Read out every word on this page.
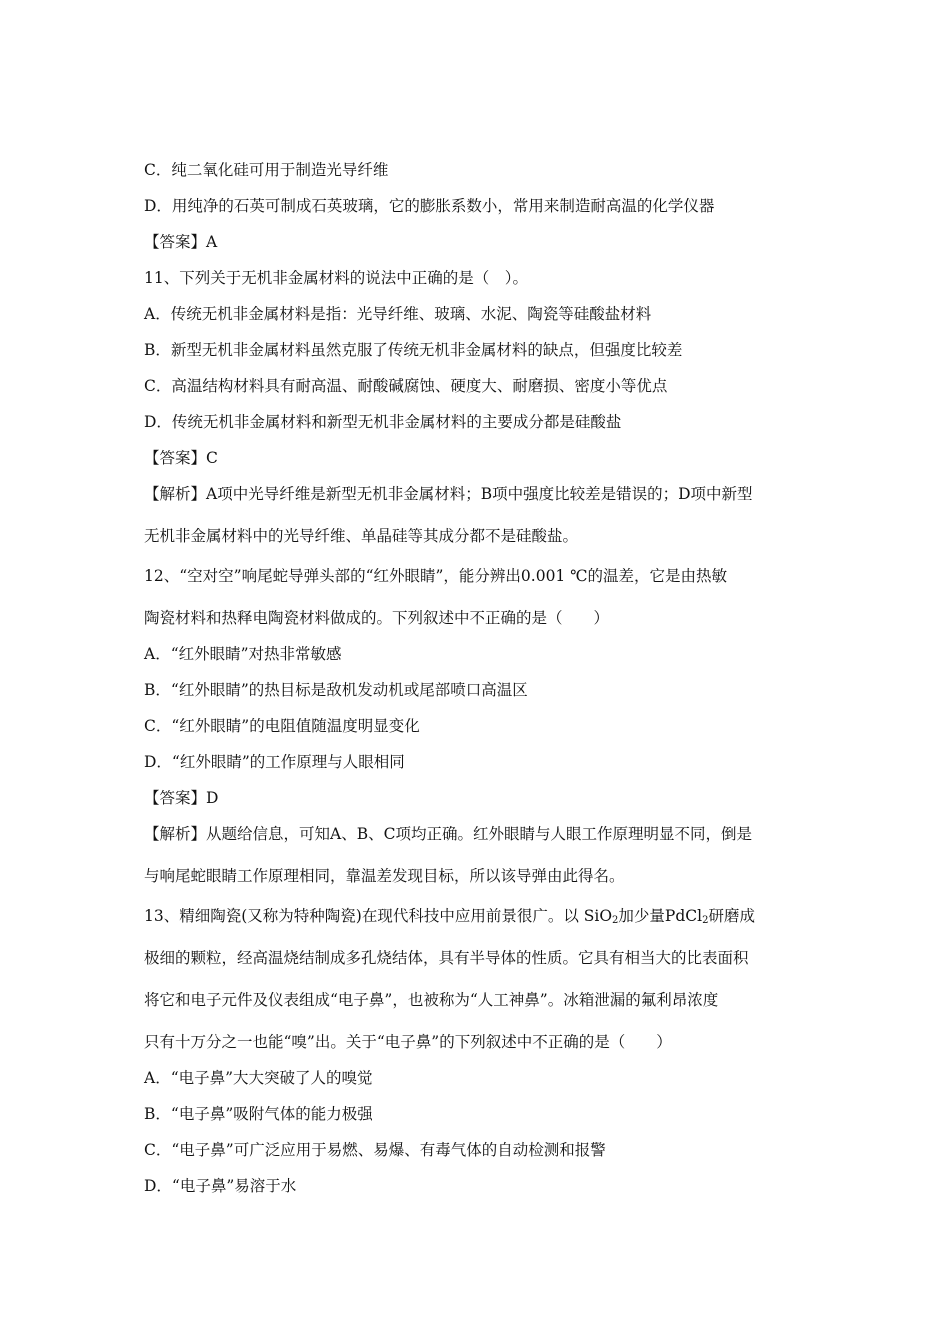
C．纯二氧化硅可用于制造光导纤维

D．用纯净的石英可制成石英玻璃，它的膨胀系数小，常用来制造耐高温的化学仪器

【答案】A

11、下列关于无机非金属材料的说法中正确的是（　）。

A．传统无机非金属材料是指：光导纤维、玻璃、水泥、陶瓷等硅酸盐材料

B．新型无机非金属材料虽然克服了传统无机非金属材料的缺点，但强度比较差

C．高温结构材料具有耐高温、耐酸碱腐蚀、硬度大、耐磨损、密度小等优点

D．传统无机非金属材料和新型无机非金属材料的主要成分都是硅酸盐

【答案】C

【解析】A项中光导纤维是新型无机非金属材料；B项中强度比较差是错误的；D项中新型

无机非金属材料中的光导纤维、单晶硅等其成分都不是硅酸盐。

12、“空对空”响尾蛇导弹头部的“红外眼睛”，能分辨出0.001 ℃的温差，它是由热敏

陶瓷材料和热释电陶瓷材料做成的。下列叙述中不正确的是（　　）

A．“红外眼睛”对热非常敏感

B．“红外眼睛”的热目标是敌机发动机或尾部喷口高温区

C．“红外眼睛”的电阻值随温度明显变化

D．“红外眼睛”的工作原理与人眼相同

【答案】D

【解析】从题给信息，可知A、B、C项均正确。红外眼睛与人眼工作原理明显不同，倒是

与响尾蛇眼睛工作原理相同，靠温差发现目标，所以该导弹由此得名。

13、精细陶瓷(又称为特种陶瓷)在现代科技中应用前景很广。以 SiO$_2$加少量PdCl$_2$研磨成

极细的颗粒，经高温烧结制成多孔烧结体，具有半导体的性质。它具有相当大的比表面积

将它和电子元件及仪表组成“电子鼻”，也被称为“人工神鼻”。冰箱泄漏的氟利昂浓度

只有十万分之一也能“嗅”出。关于“电子鼻”的下列叙述中不正确的是（　　）

A．“电子鼻”大大突破了人的嗅觉

B．“电子鼻”吸附气体的能力极强

C．“电子鼻”可广泛应用于易燃、易爆、有毒气体的自动检测和报警

D．“电子鼻”易溶于水
